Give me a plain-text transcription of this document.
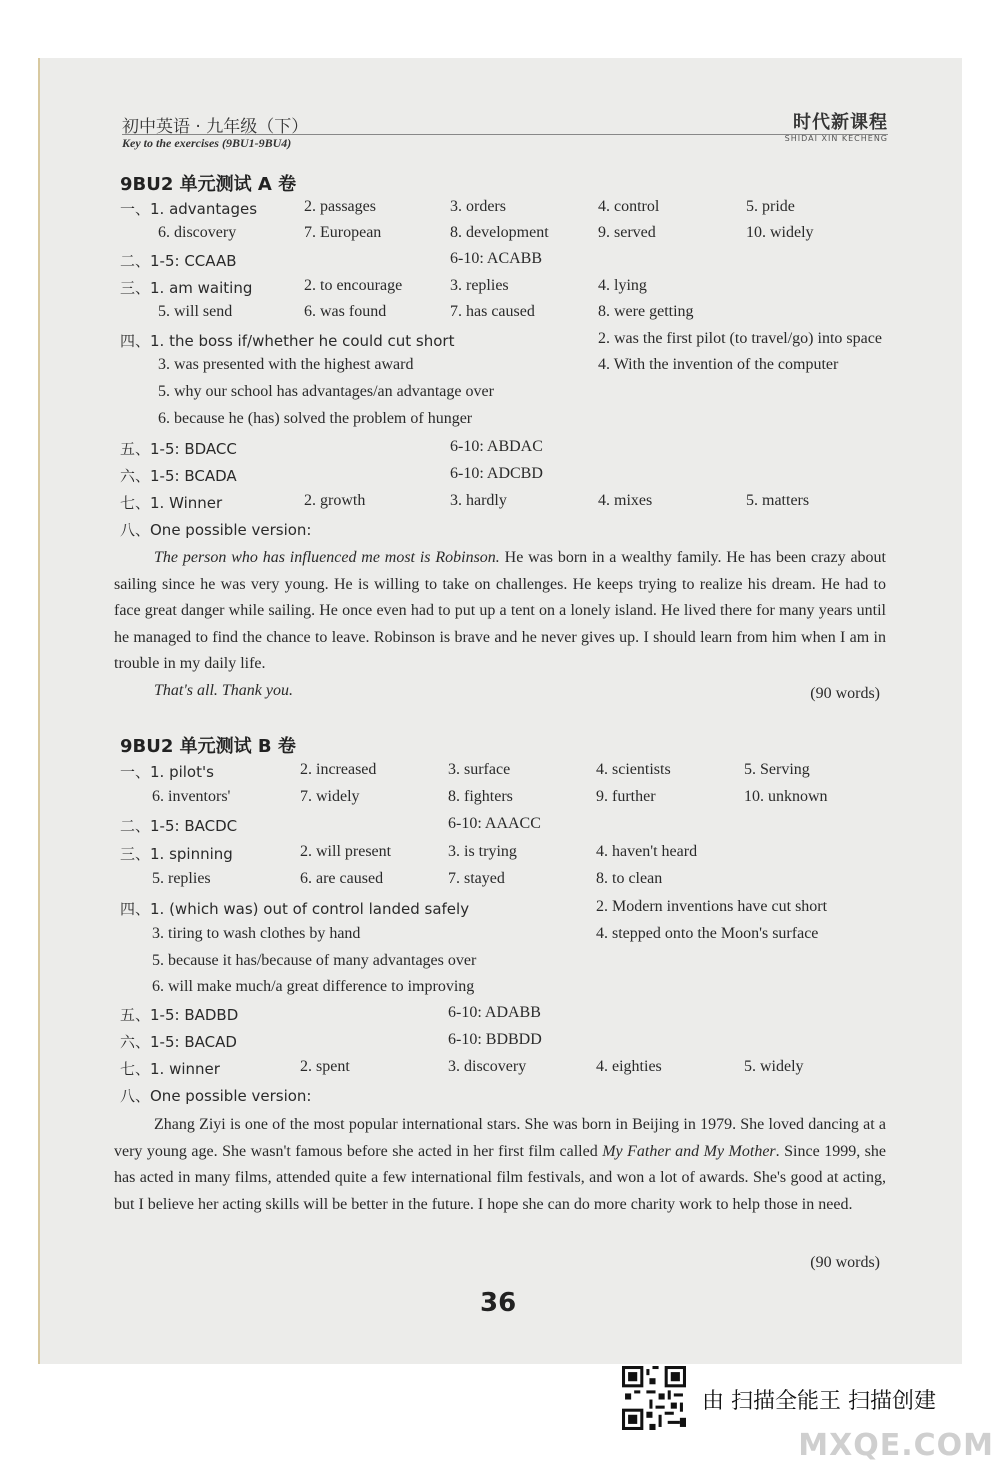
初中英语 · 九年级（下）
Key to the exercises (9BU1-9BU4)
时代新课程
SHIDAI XIN KECHENG
9BU2 单元测试 A 卷
一、1. advantages	2. passages	3. orders	4. control	5. pride
6. discovery	7. European	8. development	9. served	10. widely
二、1-5: CCAAB	6-10: ACABB
三、1. am waiting	2. to encourage	3. replies	4. lying
5. will send	6. was found	7. has caused	8. were getting
四、1. the boss if/whether he could cut short	2. was the first pilot (to travel/go) into space
3. was presented with the highest award	4. With the invention of the computer
5. why our school has advantages/an advantage over
6. because he (has) solved the problem of hunger
五、1-5: BDACC	6-10: ABDAC
六、1-5: BCADA	6-10: ADCBD
七、1. Winner	2. growth	3. hardly	4. mixes	5. matters
八、One possible version:
The person who has influenced me most is Robinson. He was born in a wealthy family. He has been crazy about sailing since he was very young. He is willing to take on challenges. He keeps trying to realize his dream. He had to face great danger while sailing. He once even had to put up a tent on a lonely island. He lived there for many years until he managed to find the chance to leave. Robinson is brave and he never gives up. I should learn from him when I am in trouble in my daily life.
That's all. Thank you.	(90 words)
9BU2 单元测试 B 卷
一、1. pilot's	2. increased	3. surface	4. scientists	5. Serving
6. inventors'	7. widely	8. fighters	9. further	10. unknown
二、1-5: BACDC	6-10: AAACC
三、1. spinning	2. will present	3. is trying	4. haven't heard
5. replies	6. are caused	7. stayed	8. to clean
四、1. (which was) out of control landed safely	2. Modern inventions have cut short
3. tiring to wash clothes by hand	4. stepped onto the Moon's surface
5. because it has/because of many advantages over
6. will make much/a great difference to improving
五、1-5: BADBD	6-10: ADABB
六、1-5: BACAD	6-10: BDBDD
七、1. winner	2. spent	3. discovery	4. eighties	5. widely
八、One possible version:
Zhang Ziyi is one of the most popular international stars. She was born in Beijing in 1979. She loved dancing at a very young age. She wasn't famous before she acted in her first film called My Father and My Mother. Since 1999, she has acted in many films, attended quite a few international film festivals, and won a lot of awards. She's good at acting, but I believe her acting skills will be better in the future. I hope she can do more charity work to help those in need.
(90 words)
36
由 扫描全能王 扫描创建
MXQE.COM
